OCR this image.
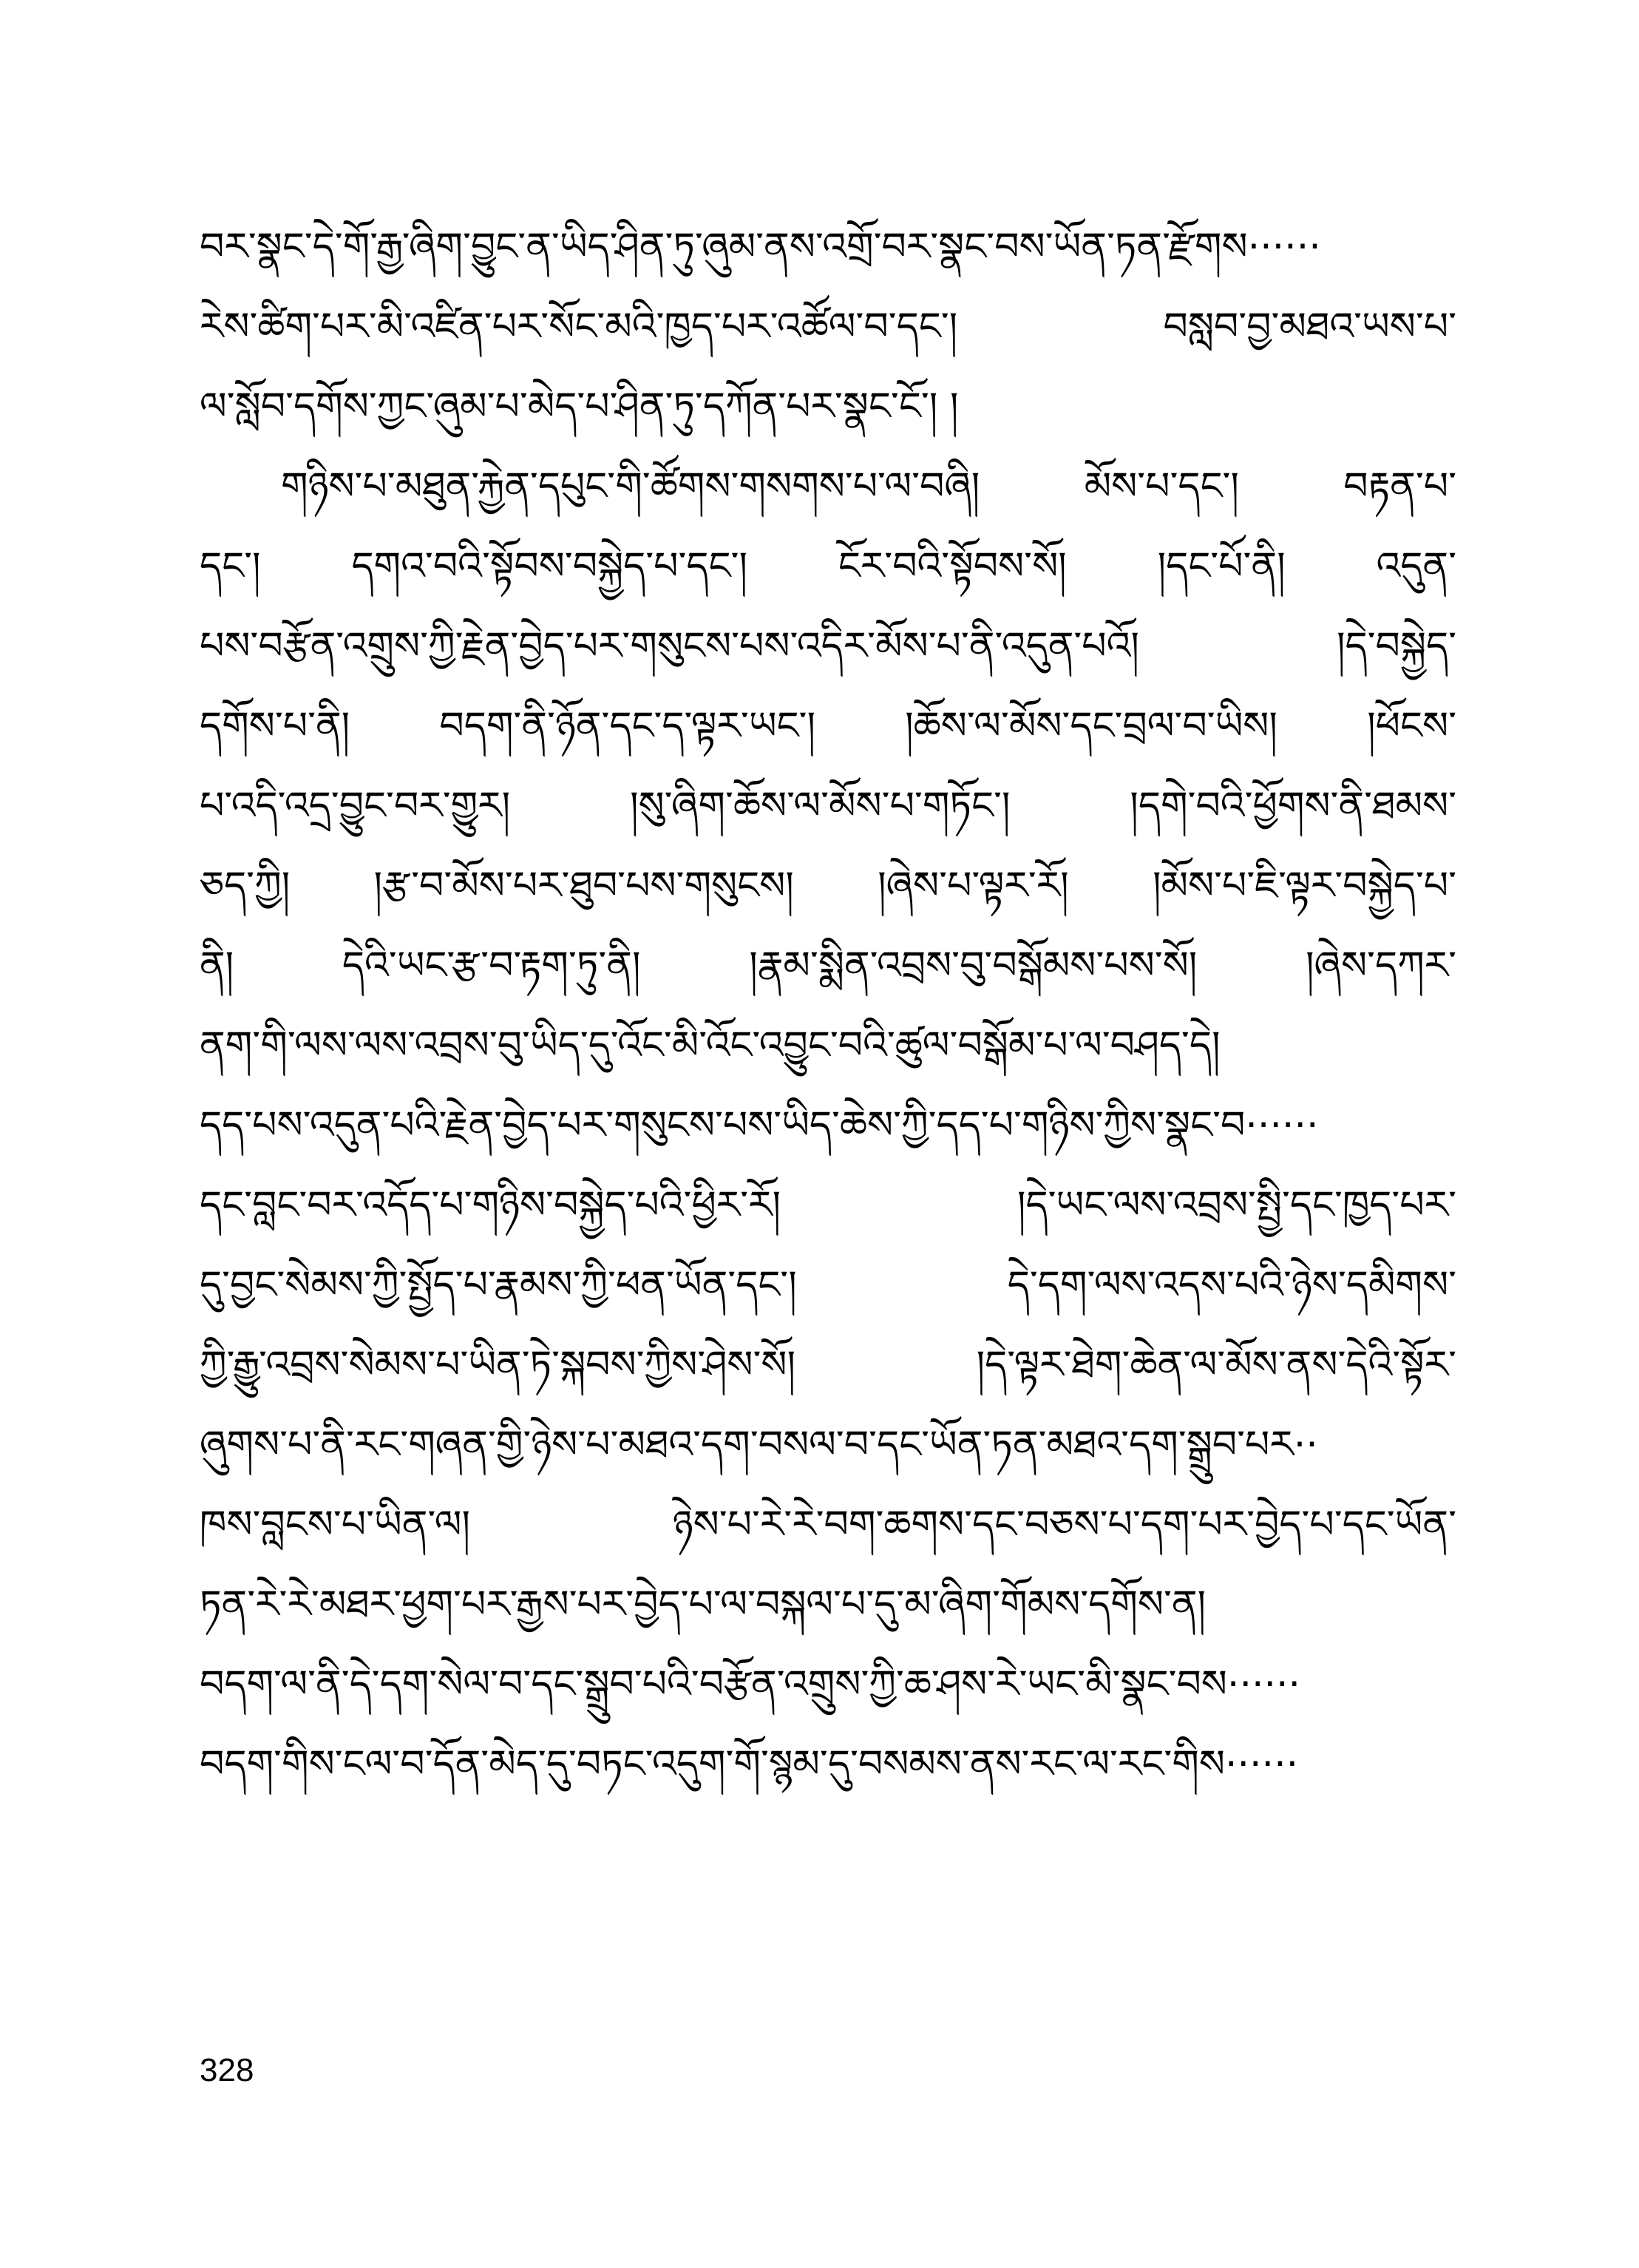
བར་སྣང་དེ་གོ་རྒྱ་ཞིག་བྱུང་ན་ཡིད་ཤིན་ཏུ་ཞུམ་ནས་འགྲོ་བར་སྣང་བས་ཡོན་ཏན་རྫོགས······
རེས་ཚིག་པར་མི་འཛིན་པར་སོང་མའི་ཁྱད་པར་འཚོལ་བ་དང་། བསླབ་བྱ་མཐའ་ཡས་པ་
ལ་སློབ་དགོས་ཀྱང་ཞུམ་པ་མེད་པ་ཤིན་ཏུ་དཀོན་པར་སྣང་ངོ་། །
གཉིས་པ་མཐུན་རྐྱེན་དཔུང་གི་ཚོགས་གསགས་པ་ལ་བཞི། མོས་པ་དང་། བརྟན་པ་
དང་། དགའ་བའི་སྟོབས་བསྐྱེད་པ་དང་། ངོར་བའི་སྟོབས་སོ། །དང་པོ་ནི། འདུན་
པས་བརྩོན་འགྲུས་ཀྱི་རྗེན་བྱེད་པར་གསུངས་པས་འདིར་མོས་པ་ནི་འདུན་པའོ། །དེ་བསྐྱེད་
དགོས་པ་ནི། བདག་ནི་ཉོན་དང་ད་ལྟར་ཡང་། །ཆོས་ལ་མོས་དང་བྲལ་བ་ཡིས། །ཕོངས་
པ་འདི་འདྲ་བྱུང་བར་གྱུར། །སུ་ཞིག་ཆོས་ལ་མོས་པ་གཏོང་། །དགེ་བའི་ཕྱོགས་ནི་ཐམས་
ཅད་ཀྱི། །རྩ་བ་མོས་པར་ཐུབ་པས་གསུངས། །ཞེས་པ་ལྟར་རོ། །མོས་པ་ཇི་ལྟར་བསྐྱེད་པ་
ནི། དེའི་ཡང་རྩ་བ་རྟག་ཏུ་ནི། །རྣམ་སྨིན་འབྲས་བུ་བསྒོམས་པས་སོ། །ཞེས་དཀར་
ནག་གི་ལས་ལས་འབྲས་བུ་ཡིད་དུ་འོང་མི་འོང་འབྱུང་བའི་ཚུལ་བསྒོམ་པ་ལ་བཤད་དེ།
དད་པས་འདུན་པའི་རྗེན་བྱེད་པར་གསུངས་པས་ཡིད་ཆེས་ཀྱི་དད་པ་གཉིས་ཀྱིས་སྣང་བ······
དང་བླང་བར་འདོད་པ་གཉིས་བསྐྱེད་པའི་ཕྱིར་རོ། །དེ་ཡང་ལས་འབྲས་སྤྱི་དང་ཁྱད་པར་
དུ་བྱང་སེམས་ཀྱི་སྤྱོད་པ་རྣམས་ཀྱི་ཕན་ཡོན་དང་། དེ་དག་ལས་འདས་པའི་ཉེས་དམིགས་
ཀྱི་རྒྱུ་འབྲས་སེམས་པ་ཡིན་ཏེ་སྐབས་ཀྱིས་ཤེས་སོ། །དེ་ལྟར་ཐེག་ཆེན་ལ་མོས་ནས་དེའི་སྟོར་
ཞུགས་པ་ནི་རང་གཞན་གྱི་ཉེས་པ་མཐའ་དག་བསལ་བ་དང་ཡོན་ཏན་མཐའ་དག་སྒྲུབ་པར··
ཁས་བླངས་པ་ཡིན་ལ། ཉེས་པ་རེ་རེ་བག་ཆགས་དང་བཅས་པ་དག་པར་བྱེད་པ་དང་ཡོན་
ཏན་རེ་རེ་མཐར་ཕྱག་པར་རྒྱས་པར་བྱེད་པ་ལ་བསྐལ་པ་དུ་མ་ཞིག་གོམས་དགོས་ན།
བདག་ལ་ནི་དེ་དག་སེལ་བ་དང་སྒྲུབ་པའི་བརྩོན་འགྲུས་ཀྱི་ཆ་ཤས་རེ་ཡང་མི་སྣང་བས······
བདག་གིས་ངལ་བ་དོན་མེད་དུ་བཏང་འདུག་གོ་སྙམ་དུ་བསམས་ནས་རང་ལ་རང་གིས······
328
